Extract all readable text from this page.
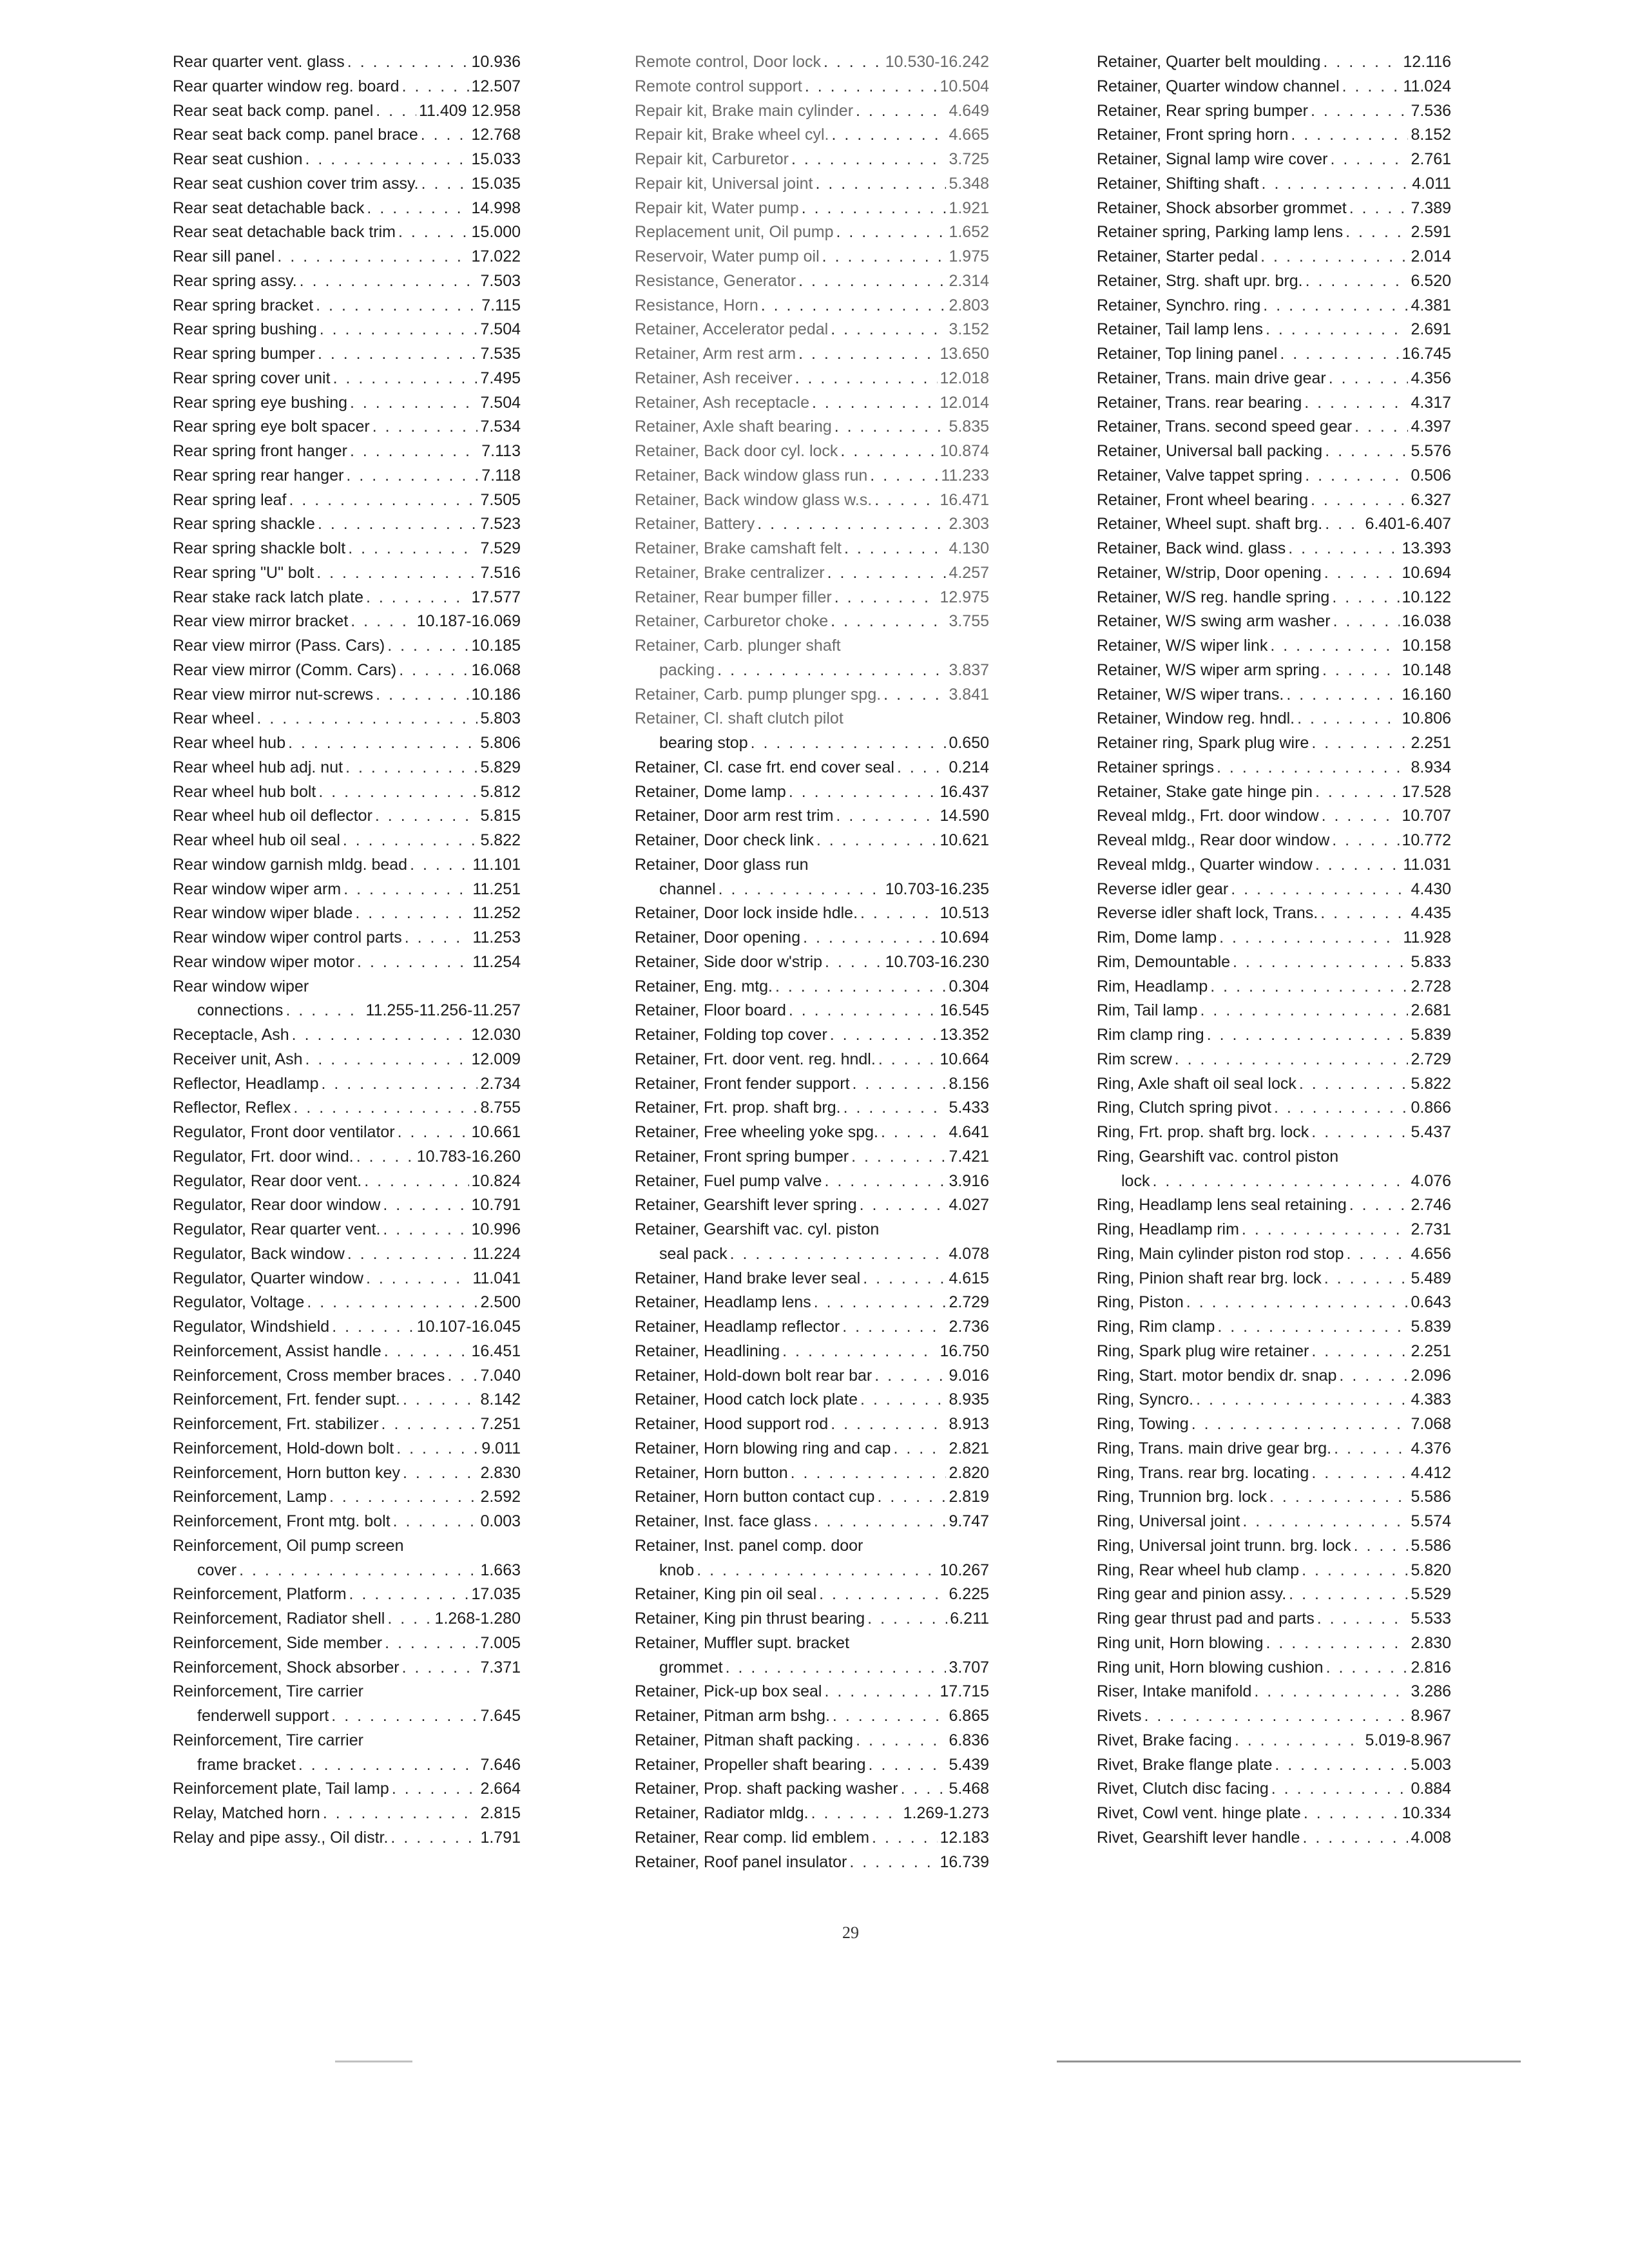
Rear quarter vent. glass . . .	10.936
Rear quarter window reg. board . . .	12.507
Rear seat back comp. panel . . .	11.409 12.958
Rear seat back comp. panel brace . . .	12.768
Rear seat cushion . . .	15.033
Rear seat cushion cover trim assy. . . .	15.035
Rear seat detachable back . . .	14.998
Rear seat detachable back trim . . .	15.000
Rear sill panel . . .	17.022
Rear spring assy. . . .	7.503
Rear spring bracket . . .	7.115
Rear spring bushing . . .	7.504
Rear spring bumper . . .	7.535
Rear spring cover unit . . .	7.495
Rear spring eye bushing . . .	7.504
Rear spring eye bolt spacer . . .	7.534
Rear spring front hanger . . .	7.113
Rear spring rear hanger . . .	7.118
Rear spring leaf . . .	7.505
Rear spring shackle . . .	7.523
Rear spring shackle bolt . . .	7.529
Rear spring "U" bolt . . .	7.516
Rear stake rack latch plate . . .	17.577
Rear view mirror bracket . . .	10.187-16.069
Rear view mirror (Pass. Cars) . . .	10.185
Rear view mirror (Comm. Cars) . . .	16.068
Rear view mirror nut-screws . . .	10.186
Rear wheel . . .	5.803
Rear wheel hub . . .	5.806
Rear wheel hub adj. nut . . .	5.829
Rear wheel hub bolt . . .	5.812
Rear wheel hub oil deflector . . .	5.815
Rear wheel hub oil seal . . .	5.822
Rear window garnish mldg. bead . . .	11.101
Rear window wiper arm . . .	11.251
Rear window wiper blade . . .	11.252
Rear window wiper control parts . . .	11.253
Rear window wiper motor . . .	11.254
Rear window wiper
connections . . .	11.255-11.256-11.257
Receptacle, Ash . . .	12.030
Receiver unit, Ash . . .	12.009
Reflector, Headlamp . . .	2.734
Reflector, Reflex . . .	8.755
Regulator, Front door ventilator . . .	10.661
Regulator, Frt. door wind. . . .	10.783-16.260
Regulator, Rear door vent. . . .	10.824
Regulator, Rear door window . . .	10.791
Regulator, Rear quarter vent. . . .	10.996
Regulator, Back window . . .	11.224
Regulator, Quarter window . . .	11.041
Regulator, Voltage . . .	2.500
Regulator, Windshield . . .	10.107-16.045
Reinforcement, Assist handle . . .	16.451
Reinforcement, Cross member braces . . . 7.040
Reinforcement, Frt. fender supt. . . .	8.142
Reinforcement, Frt. stabilizer . . .	7.251
Reinforcement, Hold-down bolt . . .	9.011
Reinforcement, Horn button key . . .	2.830
Reinforcement, Lamp . . .	2.592
Reinforcement, Front mtg. bolt . . .	0.003
Reinforcement, Oil pump screen
cover . . .	1.663
Reinforcement, Platform . . .	17.035
Reinforcement, Radiator shell . . .	1.268-1.280
Reinforcement, Side member . . .	7.005
Reinforcement, Shock absorber . . .	7.371
Reinforcement, Tire carrier
fenderwell support . . .	7.645
Reinforcement, Tire carrier
frame bracket . . .	7.646
Reinforcement plate, Tail lamp . . .	2.664
Relay, Matched horn . . .	2.815
Relay and pipe assy., Oil distr. . . .	1.791
Remote control, Door lock . . .	10.530-16.242
Remote control support . . .	10.504
Repair kit, Brake main cylinder . . .	4.649
Repair kit, Brake wheel cyl. . . .	4.665
Repair kit, Carburetor . . .	3.725
Repair kit, Universal joint . . .	5.348
Repair kit, Water pump . . .	1.921
Replacement unit, Oil pump . . .	1.652
Reservoir, Water pump oil . . .	1.975
Resistance, Generator . . .	2.314
Resistance, Horn . . .	2.803
Retainer, Accelerator pedal . . .	3.152
Retainer, Arm rest arm . . .	13.650
Retainer, Ash receiver . . .	12.018
Retainer, Ash receptacle . . .	12.014
Retainer, Axle shaft bearing . . .	5.835
Retainer, Back door cyl. lock . . .	10.874
Retainer, Back window glass run . . .	11.233
Retainer, Back window glass w.s. . . .	16.471
Retainer, Battery . . .	2.303
Retainer, Brake camshaft felt . . .	4.130
Retainer, Brake centralizer . . .	4.257
Retainer, Rear bumper filler . . .	12.975
Retainer, Carburetor choke . . .	3.755
Retainer, Carb. plunger shaft
packing . . .	3.837
Retainer, Carb. pump plunger spg. . . .	3.841
Retainer, Cl. shaft clutch pilot
bearing stop . . .	0.650
Retainer, Cl. case frt. end cover seal . . .	0.214
Retainer, Dome lamp . . .	16.437
Retainer, Door arm rest trim . . .	14.590
Retainer, Door check link . . .	10.621
Retainer, Door glass run
channel . . .	10.703-16.235
Retainer, Door lock inside hdle. . . .	10.513
Retainer, Door opening . . .	10.694
Retainer, Side door w'strip . . .	10.703-16.230
Retainer, Eng. mtg. . . .	0.304
Retainer, Floor board . . .	16.545
Retainer, Folding top cover . . .	13.352
Retainer, Frt. door vent. reg. hndl. . . .	10.664
Retainer, Front fender support . . .	8.156
Retainer, Frt. prop. shaft brg. . . .	5.433
Retainer, Free wheeling yoke spg. . . .	4.641
Retainer, Front spring bumper . . .	7.421
Retainer, Fuel pump valve . . .	3.916
Retainer, Gearshift lever spring . . .	4.027
Retainer, Gearshift vac. cyl. piston
seal pack . . .	4.078
Retainer, Hand brake lever seal . . .	4.615
Retainer, Headlamp lens . . .	2.729
Retainer, Headlamp reflector . . .	2.736
Retainer, Headlining . . .	16.750
Retainer, Hold-down bolt rear bar . . .	9.016
Retainer, Hood catch lock plate . . .	8.935
Retainer, Hood support rod . . .	8.913
Retainer, Horn blowing ring and cap . . .	2.821
Retainer, Horn button . . .	2.820
Retainer, Horn button contact cup . . .	2.819
Retainer, Inst. face glass . . .	9.747
Retainer, Inst. panel comp. door
knob . . .	10.267
Retainer, King pin oil seal . . .	6.225
Retainer, King pin thrust bearing . . .	6.211
Retainer, Muffler supt. bracket
grommet . . .	3.707
Retainer, Pick-up box seal . . .	17.715
Retainer, Pitman arm bshg. . . .	6.865
Retainer, Pitman shaft packing . . .	6.836
Retainer, Propeller shaft bearing . . .	5.439
Retainer, Prop. shaft packing washer . . .	5.468
Retainer, Radiator mldg. . . .	1.269-1.273
Retainer, Rear comp. lid emblem . . .	12.183
Retainer, Roof panel insulator . . .	16.739
Retainer, Quarter belt moulding . . .	12.116
Retainer, Quarter window channel . . .	11.024
Retainer, Rear spring bumper . . .	7.536
Retainer, Front spring horn . . .	8.152
Retainer, Signal lamp wire cover . . .	2.761
Retainer, Shifting shaft . . .	4.011
Retainer, Shock absorber grommet . . .	7.389
Retainer spring, Parking lamp lens . . .	2.591
Retainer, Starter pedal . . .	2.014
Retainer, Strg. shaft upr. brg. . . .	6.520
Retainer, Synchro. ring . . .	4.381
Retainer, Tail lamp lens . . .	2.691
Retainer, Top lining panel . . .	16.745
Retainer, Trans. main drive gear . . .	4.356
Retainer, Trans. rear bearing . . .	4.317
Retainer, Trans. second speed gear . . .	4.397
Retainer, Universal ball packing . . .	5.576
Retainer, Valve tappet spring . . .	0.506
Retainer, Front wheel bearing . . .	6.327
Retainer, Wheel supt. shaft brg. . . .	6.401-6.407
Retainer, Back wind. glass . . .	13.393
Retainer, W/strip, Door opening . . .	10.694
Retainer, W/S reg. handle spring . . .	10.122
Retainer, W/S swing arm washer . . .	16.038
Retainer, W/S wiper link . . .	10.158
Retainer, W/S wiper arm spring . . .	10.148
Retainer, W/S wiper trans. . . .	16.160
Retainer, Window reg. hndl. . . .	10.806
Retainer ring, Spark plug wire . . .	2.251
Retainer springs . . .	8.934
Retainer, Stake gate hinge pin . . .	17.528
Reveal mldg., Frt. door window . . .	10.707
Reveal mldg., Rear door window . . .	10.772
Reveal mldg., Quarter window . . .	11.031
Reverse idler gear . . .	4.430
Reverse idler shaft lock, Trans. . . .	4.435
Rim, Dome lamp . . .	11.928
Rim, Demountable . . .	5.833
Rim, Headlamp . . .	2.728
Rim, Tail lamp . . .	2.681
Rim clamp ring . . .	5.839
Rim screw . . .	2.729
Ring, Axle shaft oil seal lock . . .	5.822
Ring, Clutch spring pivot . . .	0.866
Ring, Frt. prop. shaft brg. lock . . .	5.437
Ring, Gearshift vac. control piston
lock . . .	4.076
Ring, Headlamp lens seal retaining . . .	2.746
Ring, Headlamp rim . . .	2.731
Ring, Main cylinder piston rod stop . . .	4.656
Ring, Pinion shaft rear brg. lock . . .	5.489
Ring, Piston . . .	0.643
Ring, Rim clamp . . .	5.839
Ring, Spark plug wire retainer . . .	2.251
Ring, Start. motor bendix dr. snap . . .	2.096
Ring, Syncro. . . .	4.383
Ring, Towing . . .	7.068
Ring, Trans. main drive gear brg. . . .	4.376
Ring, Trans. rear brg. locating . . .	4.412
Ring, Trunnion brg. lock . . .	5.586
Ring, Universal joint . . .	5.574
Ring, Universal joint trunn. brg. lock . . .	5.586
Ring, Rear wheel hub clamp . . .	5.820
Ring gear and pinion assy. . . .	5.529
Ring gear thrust pad and parts . . .	5.533
Ring unit, Horn blowing . . .	2.830
Ring unit, Horn blowing cushion . . .	2.816
Riser, Intake manifold . . .	3.286
Rivets . . .	8.967
Rivet, Brake facing . . .	5.019-8.967
Rivet, Brake flange plate . . .	5.003
Rivet, Clutch disc facing . . .	0.884
Rivet, Cowl vent. hinge plate . . .	10.334
Rivet, Gearshift lever handle . . .	4.008
29
